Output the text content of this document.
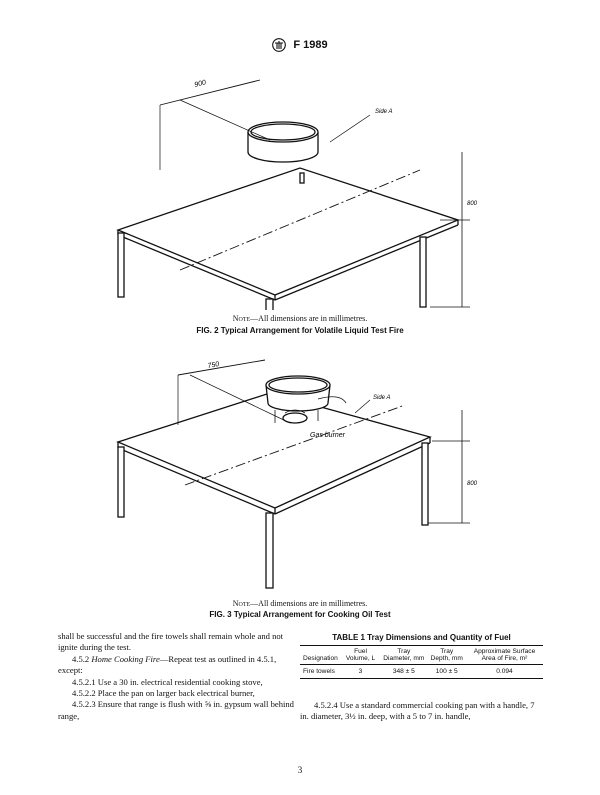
F 1989
900
Side A
800
Note—All dimensions are in millimetres.
FIG. 2 Typical Arrangement for Volatile Liquid Test Fire
750
Side A
Gas burner
800
Note—All dimensions are in millimetres.
FIG. 3 Typical Arrangement for Cooking Oil Test

shall be successful and the fire towels shall remain whole and not ignite during the test.

4.5.2 Home Cooking Fire—Repeat test as outlined in 4.5.1, except:

4.5.2.1 Use a 30 in. electrical residential cooking stove,

4.5.2.2 Place the pan on larger back electrical burner,

4.5.2.3 Ensure that range is flush with ⅝ in. gypsum wall behind range,

TABLE 1 Tray Dimensions and Quantity of Fuel
Designation	Fuel Volume, L	Tray Diameter, mm	Tray Depth, mm	Approximate Surface Area of Fire, m²
Fire towels	3	348 ± 5	100 ± 5	0.094

4.5.2.4 Use a standard commercial cooking pan with a handle, 7 in. diameter, 3½ in. deep, with a 5 to 7 in. handle,

3
